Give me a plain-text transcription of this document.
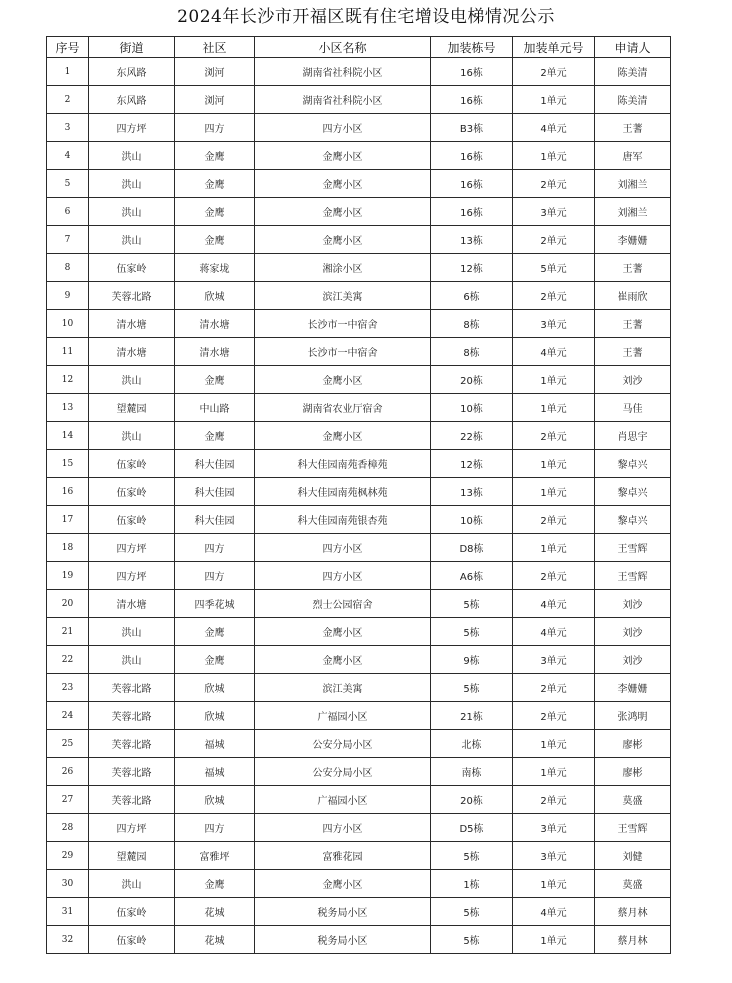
2024年长沙市开福区既有住宅增设电梯情况公示
序号	街道	社区	小区名称	加装栋号	加装单元号	申请人
1	东风路	浏河	湖南省社科院小区	16栋	2单元	陈美清
2	东风路	浏河	湖南省社科院小区	16栋	1单元	陈美清
3	四方坪	四方	四方小区	B3栋	4单元	王蓍
4	洪山	金鹰	金鹰小区	16栋	1单元	唐军
5	洪山	金鹰	金鹰小区	16栋	2单元	刘湘兰
6	洪山	金鹰	金鹰小区	16栋	3单元	刘湘兰
7	洪山	金鹰	金鹰小区	13栋	2单元	李姗姗
8	伍家岭	蒋家垅	湘涂小区	12栋	5单元	王蓍
9	芙蓉北路	欣城	滨江美寓	6栋	2单元	崔雨欣
10	清水塘	清水塘	长沙市一中宿舍	8栋	3单元	王蓍
11	清水塘	清水塘	长沙市一中宿舍	8栋	4单元	王蓍
12	洪山	金鹰	金鹰小区	20栋	1单元	刘沙
13	望麓园	中山路	湖南省农业厅宿舍	10栋	1单元	马佳
14	洪山	金鹰	金鹰小区	22栋	2单元	肖思宇
15	伍家岭	科大佳园	科大佳园南苑香樟苑	12栋	1单元	黎卓兴
16	伍家岭	科大佳园	科大佳园南苑枫林苑	13栋	1单元	黎卓兴
17	伍家岭	科大佳园	科大佳园南苑银杏苑	10栋	2单元	黎卓兴
18	四方坪	四方	四方小区	D8栋	1单元	王雪辉
19	四方坪	四方	四方小区	A6栋	2单元	王雪辉
20	清水塘	四季花城	烈士公园宿舍	5栋	4单元	刘沙
21	洪山	金鹰	金鹰小区	5栋	4单元	刘沙
22	洪山	金鹰	金鹰小区	9栋	3单元	刘沙
23	芙蓉北路	欣城	滨江美寓	5栋	2单元	李姗姗
24	芙蓉北路	欣城	广福园小区	21栋	2单元	张鸿明
25	芙蓉北路	福城	公安分局小区	北栋	1单元	廖彬
26	芙蓉北路	福城	公安分局小区	南栋	1单元	廖彬
27	芙蓉北路	欣城	广福园小区	20栋	2单元	莫盛
28	四方坪	四方	四方小区	D5栋	3单元	王雪辉
29	望麓园	富雅坪	富雅花园	5栋	3单元	刘健
30	洪山	金鹰	金鹰小区	1栋	1单元	莫盛
31	伍家岭	花城	税务局小区	5栋	4单元	蔡月林
32	伍家岭	花城	税务局小区	5栋	1单元	蔡月林
